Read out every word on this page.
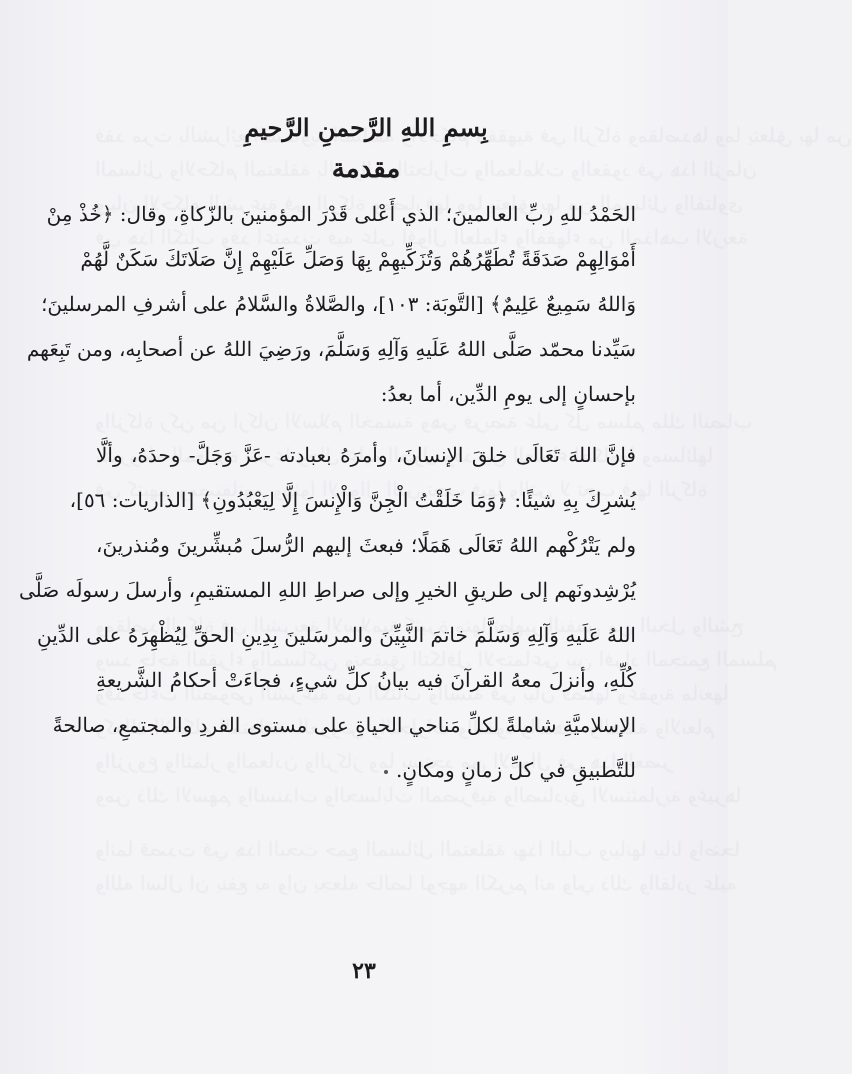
بِسمِ اللهِ الرَّحمنِ الرَّحيمِ
مقدمة
الحَمْدُ للهِ ربِّ العالمينَ؛ الذي أَعْلى قَدْرَ المؤمنينَ بالزّكاةِ، وقال: ﴿خُذْ مِنْ
أَمْوَالِهِمْ صَدَقَةً تُطَهِّرُهُمْ وَتُزَكِّيهِمْ بِهَا وَصَلِّ عَلَيْهِمْ إِنَّ صَلَاتَكَ سَكَنٌ لَّهُمْ
وَاللهُ سَمِيعٌ عَلِيمٌ﴾ [التَّوبَة: ١٠٣]، والصَّلاةُ والسَّلامُ على أشرفِ المرسلينَ؛
سَيِّدنا محمّد صَلَّى اللهُ عَلَيهِ وَآلِهِ وَسَلَّمَ، ورَضِيَ اللهُ عن أصحابِه، ومن تَبِعَهم
بإحسانٍ إلى يومِ الدِّين، أما بعدُ:
فإنَّ اللهَ تَعَالَى خلقَ الإنسانَ، وأمرَهُ بعبادته -عَزَّ وَجَلَّ- وحدَهُ، وألَّا
يُشرِكَ بِهِ شيئًا: ﴿وَمَا خَلَقْتُ الْجِنَّ وَالْإِنسَ إِلَّا لِيَعْبُدُونِ﴾ [الذاريات: ٥٦]،
ولم يَتْرُكْهم اللهُ تَعَالَى هَمَلًا؛ فبعثَ إليهم الرُّسلَ مُبشِّرينَ ومُنذرينَ،
يُرْشِدونَهم إلى طريقِ الخيرِ وإلى صراطِ اللهِ المستقيمِ، وأرسلَ رسولَه صَلَّى
اللهُ عَلَيهِ وَآلِهِ وَسَلَّمَ خاتمَ النَّبِيِّنَ والمرسَلينَ بِدِينِ الحقِّ لِيُظْهِرَهُ على الدِّينِ
كُلِّهِ، وأنزلَ معهُ القرآنَ فيه بيانُ كلِّ شيءٍ، فجاءَتْ أحكامُ الشَّريعةِ
الإسلاميَّةِ شاملةً لكلِّ مَناحي الحياةِ على مستوى الفردِ والمجتمعِ، صالحةً
للتَّطبيقِ في كلِّ زمانٍ ومكانٍ.
٢٣
